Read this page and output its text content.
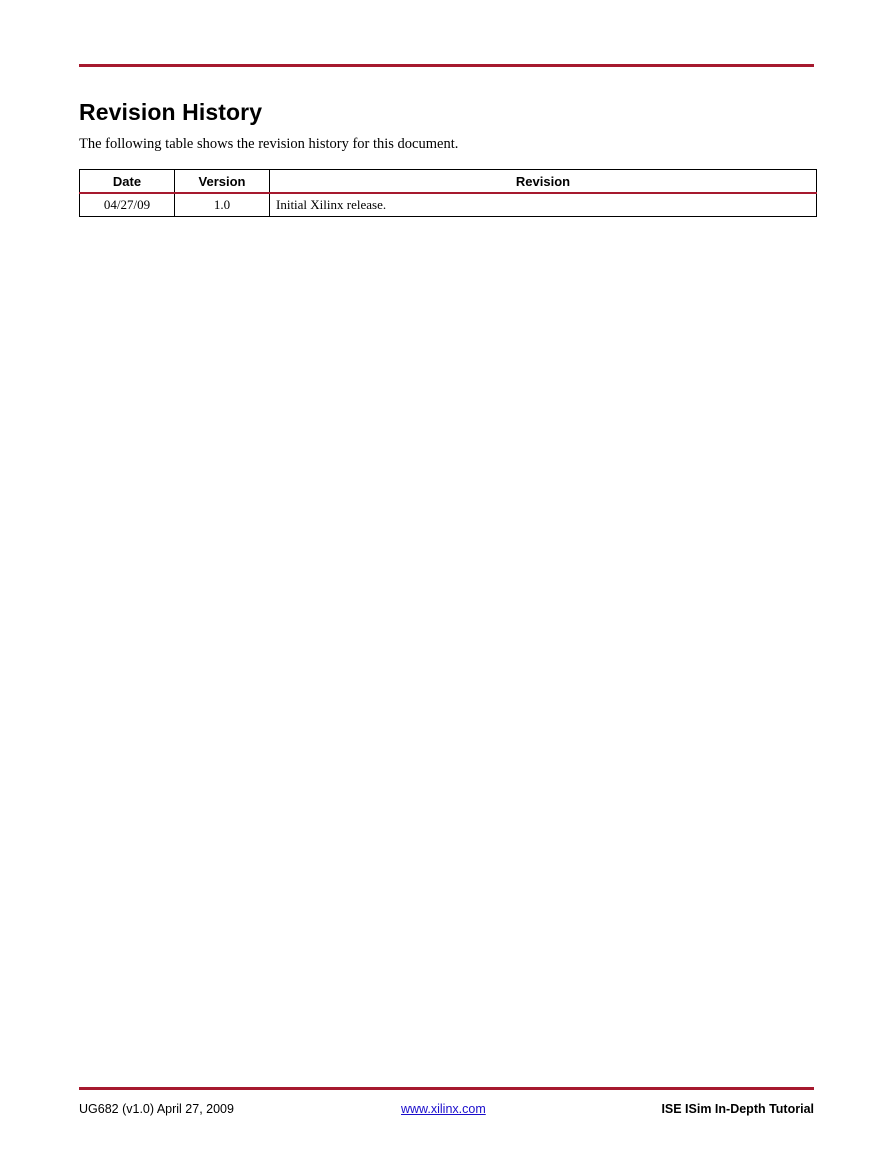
Revision History

The following table shows the revision history for this document.

Date	Version	Revision
04/27/09	1.0	Initial Xilinx release.
UG682 (v1.0) April 27, 2009	www.xilinx.com	ISE ISim In-Depth Tutorial
